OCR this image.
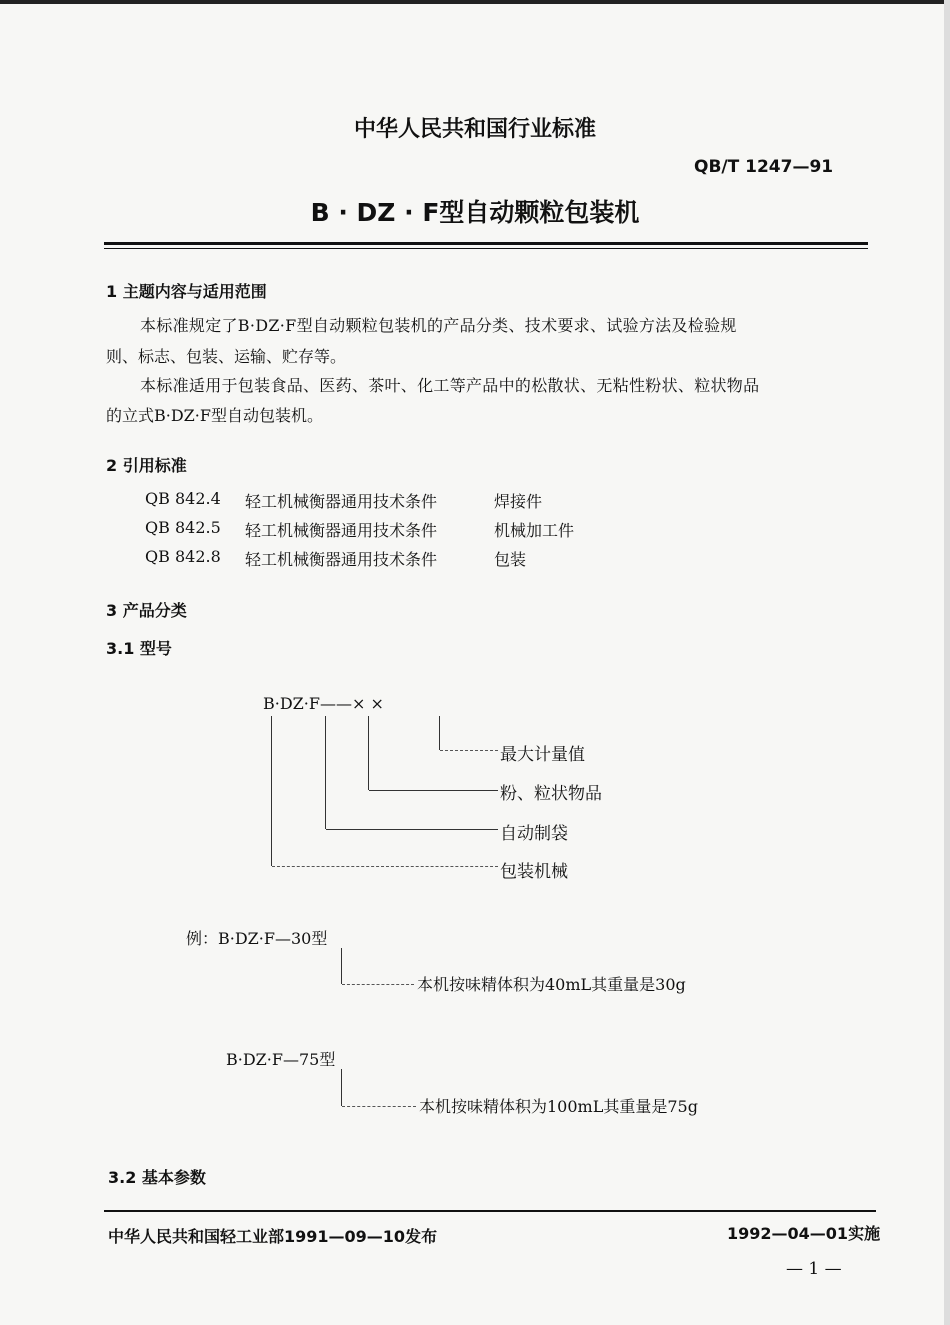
中华人民共和国行业标准
QB/T 1247—91
B · DZ · F型自动颗粒包装机
1 主题内容与适用范围
本标准规定了B·DZ·F型自动颗粒包装机的产品分类、技术要求、试验方法及检验规
则、标志、包装、运输、贮存等。
本标准适用于包装食品、医药、茶叶、化工等产品中的松散状、无粘性粉状、粒状物品
的立式B·DZ·F型自动包装机。
2 引用标准
QB 842.4 轻工机械衡器通用技术条件	焊接件
QB 842.5 轻工机械衡器通用技术条件	机械加工件
QB 842.8 轻工机械衡器通用技术条件	包装
3 产品分类
3.1 型号
B·DZ·F——× ×
最大计量值
粉、粒状物品
自动制袋
包装机械
例：B·DZ·F—30型
本机按味精体积为40mL其重量是30g
B·DZ·F—75型
本机按味精体积为100mL其重量是75g
3.2 基本参数
中华人民共和国轻工业部1991—09—10发布	1992—04—01实施
— 1 —
